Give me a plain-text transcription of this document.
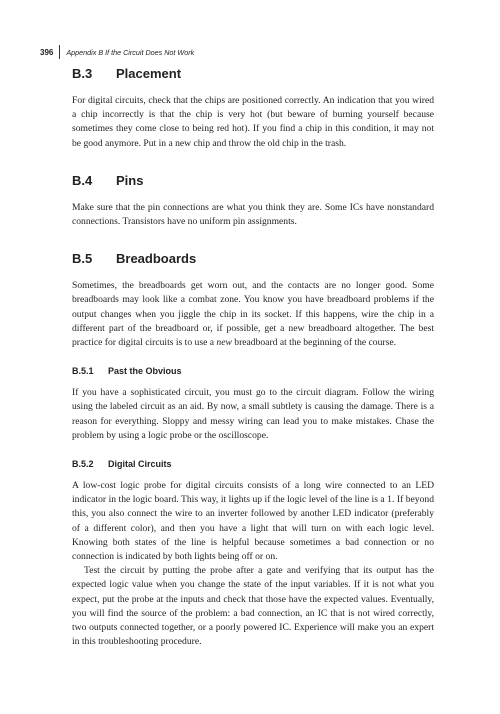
396 Appendix B If the Circuit Does Not Work
B.3 Placement

For digital circuits, check that the chips are positioned correctly. An indication that you wired a chip incorrectly is that the chip is very hot (but beware of burning yourself because sometimes they come close to being red hot). If you find a chip in this condition, it may not be good anymore. Put in a new chip and throw the old chip in the trash.

B.4 Pins

Make sure that the pin connections are what you think they are. Some ICs have nonstandard connections. Transistors have no uniform pin assignments.

B.5 Breadboards

Sometimes, the breadboards get worn out, and the contacts are no longer good. Some breadboards may look like a combat zone. You know you have breadboard problems if the output changes when you jiggle the chip in its socket. If this happens, wire the chip in a different part of the breadboard or, if possible, get a new breadboard altogether. The best practice for digital circuits is to use a new breadboard at the beginning of the course.

B.5.1 Past the Obvious

If you have a sophisticated circuit, you must go to the circuit diagram. Follow the wiring using the labeled circuit as an aid. By now, a small subtlety is causing the damage. There is a reason for everything. Sloppy and messy wiring can lead you to make mistakes. Chase the problem by using a logic probe or the oscilloscope.

B.5.2 Digital Circuits

A low-cost logic probe for digital circuits consists of a long wire connected to an LED indicator in the logic board. This way, it lights up if the logic level of the line is a 1. If beyond this, you also connect the wire to an inverter followed by another LED indicator (preferably of a different color), and then you have a light that will turn on with each logic level. Knowing both states of the line is helpful because sometimes a bad connection or no connection is indicated by both lights being off or on.

Test the circuit by putting the probe after a gate and verifying that its output has the expected logic value when you change the state of the input variables. If it is not what you expect, put the probe at the inputs and check that those have the expected values. Eventually, you will find the source of the problem: a bad connection, an IC that is not wired correctly, two outputs connected together, or a poorly powered IC. Experience will make you an expert in this troubleshooting procedure.
